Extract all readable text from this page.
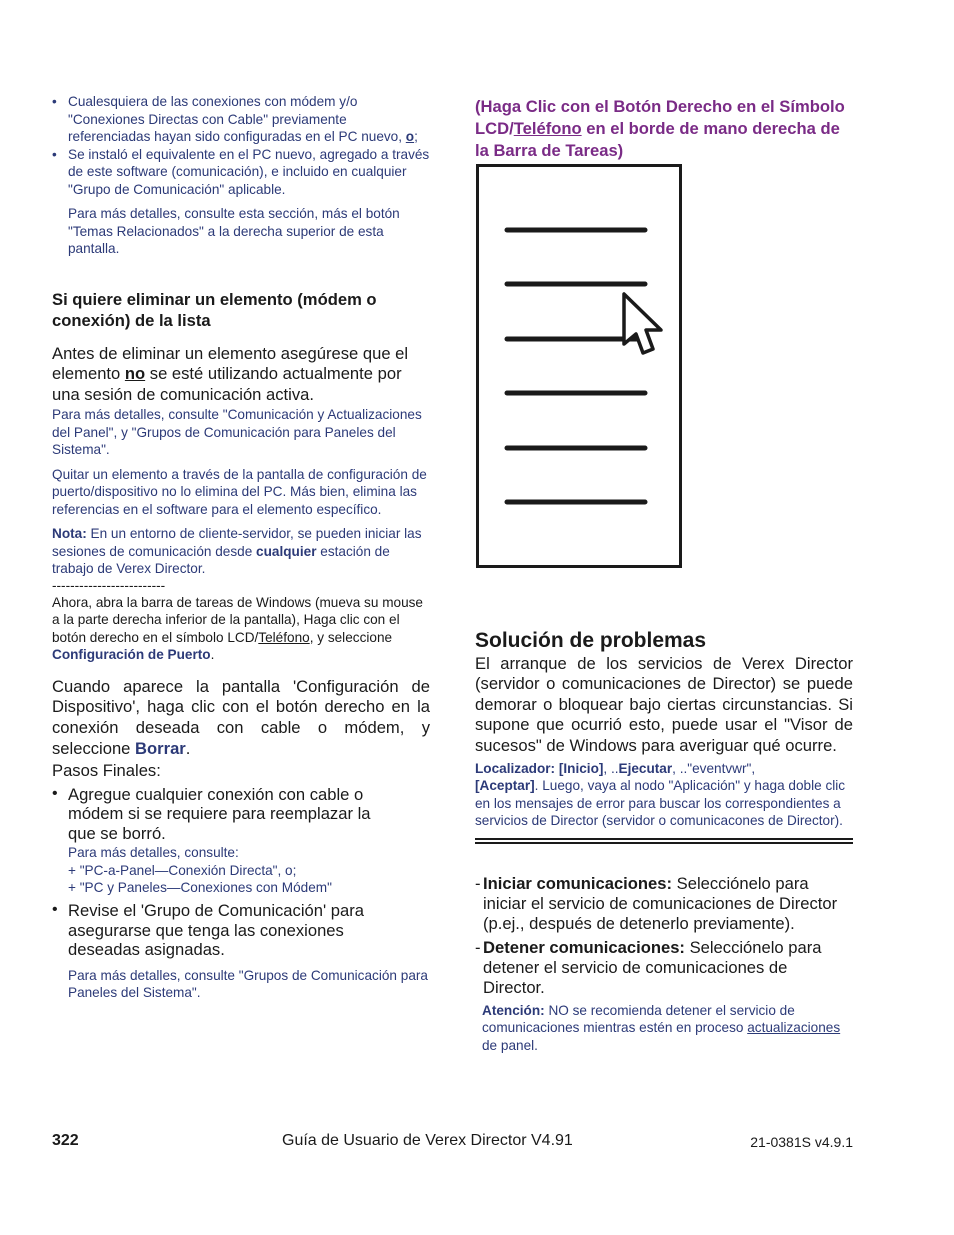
• Cualesquiera de las conexiones con módem y/o "Conexiones Directas con Cable" previamente referenciadas hayan sido configuradas en el PC nuevo, o;
• Se instaló el equivalente en el PC nuevo, agregado a través de este software (comunicación), e incluido en cualquier "Grupo de Comunicación" aplicable.
Para más detalles, consulte esta sección, más el botón "Temas Relacionados" a la derecha superior de esta pantalla.
Si quiere eliminar un elemento (módem o conexión) de la lista
Antes de eliminar un elemento asegúrese que el elemento no se esté utilizando actualmente por una sesión de comunicación activa.
Para más detalles, consulte "Comunicación y Actualizaciones del Panel", y "Grupos de Comunicación para Paneles del Sistema".
Quitar un elemento a través de la pantalla de configuración de puerto/dispositivo no lo elimina del PC. Más bien, elimina las referencias en el software para el elemento específico.
Nota: En un entorno de cliente-servidor, se pueden iniciar las sesiones de comunicación desde cualquier estación de trabajo de Verex Director.
-------------------------
Ahora, abra la barra de tareas de Windows (mueva su mouse a la parte derecha inferior de la pantalla), Haga clic con el botón derecho en el símbolo LCD/Teléfono, y seleccione Configuración de Puerto.
Cuando aparece la pantalla 'Configuración de Dispositivo', haga clic con el botón derecho en la conexión deseada con cable o módem, y seleccione Borrar.
Pasos Finales:
• Agregue cualquier conexión con cable o módem si se requiere para reemplazar la que se borró.
Para más detalles, consulte:
+ "PC-a-Panel—Conexión Directa", o;
+ "PC y Paneles—Conexiones con Módem"
• Revise el 'Grupo de Comunicación' para asegurarse que tenga las conexiones deseadas asignadas.
Para más detalles, consulte "Grupos de Comunicación para Paneles del Sistema".
(Haga Clic con el Botón Derecho en el Símbolo LCD/Teléfono en el borde de mano derecha de la Barra de Tareas)
Solución de problemas
El arranque de los servicios de Verex Director (servidor o comunicaciones de Director) se puede demorar o bloquear bajo ciertas circunstancias. Si supone que ocurrió esto, puede usar el "Visor de sucesos" de Windows para averiguar qué ocurre.
Localizador: [Inicio], ..Ejecutar, .."eventvwr",
[Aceptar]. Luego, vaya al nodo "Aplicación" y haga doble clic en los mensajes de error para buscar los correspondientes a servicios de Director (servidor o comunicacones de Director).
- Iniciar comunicaciones: Selecciónelo para iniciar el servicio de comunicaciones de Director (p.ej., después de detenerlo previamente).
- Detener comunicaciones: Selecciónelo para detener el servicio de comunicaciones de Director.
Atención: NO se recomienda detener el servicio de comunicaciones mientras estén en proceso actualizaciones de panel.
322	Guía de Usuario de Verex Director V4.91	21-0381S v4.9.1
